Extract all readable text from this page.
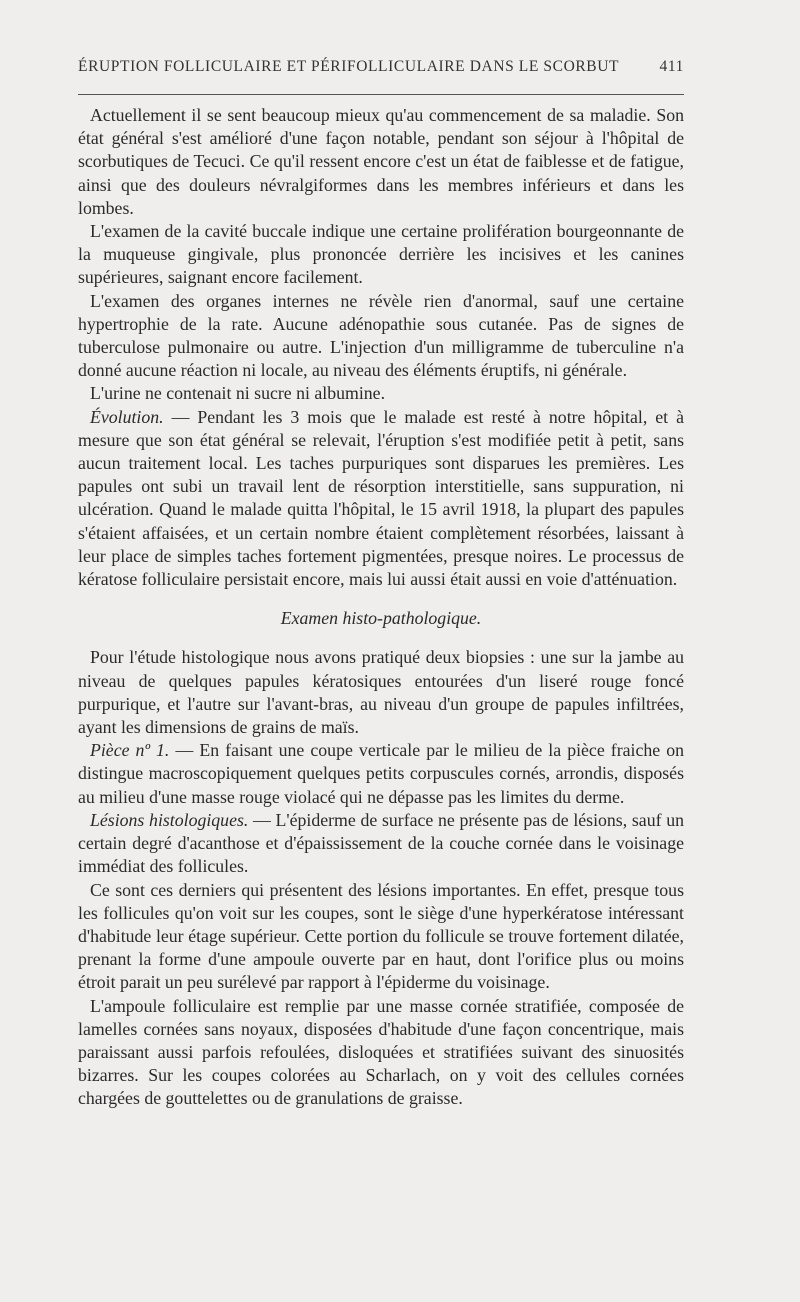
ÉRUPTION FOLLICULAIRE ET PÉRIFOLLICULAIRE DANS LE SCORBUT	411

Actuellement il se sent beaucoup mieux qu'au commencement de sa maladie. Son état général s'est amélioré d'une façon notable, pendant son séjour à l'hôpital de scorbutiques de Tecuci. Ce qu'il ressent encore c'est un état de faiblesse et de fatigue, ainsi que des douleurs névralgiformes dans les membres inférieurs et dans les lombes.

L'examen de la cavité buccale indique une certaine prolifération bourgeonnante de la muqueuse gingivale, plus prononcée derrière les incisives et les canines supérieures, saignant encore facilement.

L'examen des organes internes ne révèle rien d'anormal, sauf une certaine hypertrophie de la rate. Aucune adénopathie sous cutanée. Pas de signes de tuberculose pulmonaire ou autre. L'injection d'un milligramme de tuberculine n'a donné aucune réaction ni locale, au niveau des éléments éruptifs, ni générale.

L'urine ne contenait ni sucre ni albumine.

Évolution. — Pendant les 3 mois que le malade est resté à notre hôpital, et à mesure que son état général se relevait, l'éruption s'est modifiée petit à petit, sans aucun traitement local. Les taches purpuriques sont disparues les premières. Les papules ont subi un travail lent de résorption interstitielle, sans suppuration, ni ulcération. Quand le malade quitta l'hôpital, le 15 avril 1918, la plupart des papules s'étaient affaisées, et un certain nombre étaient complètement résorbées, laissant à leur place de simples taches fortement pigmentées, presque noires. Le processus de kératose folliculaire persistait encore, mais lui aussi était aussi en voie d'atténuation.

Examen histo-pathologique.

Pour l'étude histologique nous avons pratiqué deux biopsies : une sur la jambe au niveau de quelques papules kératosiques entourées d'un liseré rouge foncé purpurique, et l'autre sur l'avant-bras, au niveau d'un groupe de papules infiltrées, ayant les dimensions de grains de maïs.

Pièce nº 1. — En faisant une coupe verticale par le milieu de la pièce fraiche on distingue macroscopiquement quelques petits corpuscules cornés, arrondis, disposés au milieu d'une masse rouge violacé qui ne dépasse pas les limites du derme.

Lésions histologiques. — L'épiderme de surface ne présente pas de lésions, sauf un certain degré d'acanthose et d'épaississement de la couche cornée dans le voisinage immédiat des follicules.

Ce sont ces derniers qui présentent des lésions importantes. En effet, presque tous les follicules qu'on voit sur les coupes, sont le siège d'une hyperkératose intéressant d'habitude leur étage supérieur. Cette portion du follicule se trouve fortement dilatée, prenant la forme d'une ampoule ouverte par en haut, dont l'orifice plus ou moins étroit parait un peu surélevé par rapport à l'épiderme du voisinage.

L'ampoule folliculaire est remplie par une masse cornée stratifiée, composée de lamelles cornées sans noyaux, disposées d'habitude d'une façon concentrique, mais paraissant aussi parfois refoulées, disloquées et stratifiées suivant des sinuosités bizarres. Sur les coupes colorées au Scharlach, on y voit des cellules cornées chargées de gouttelettes ou de granulations de graisse.
